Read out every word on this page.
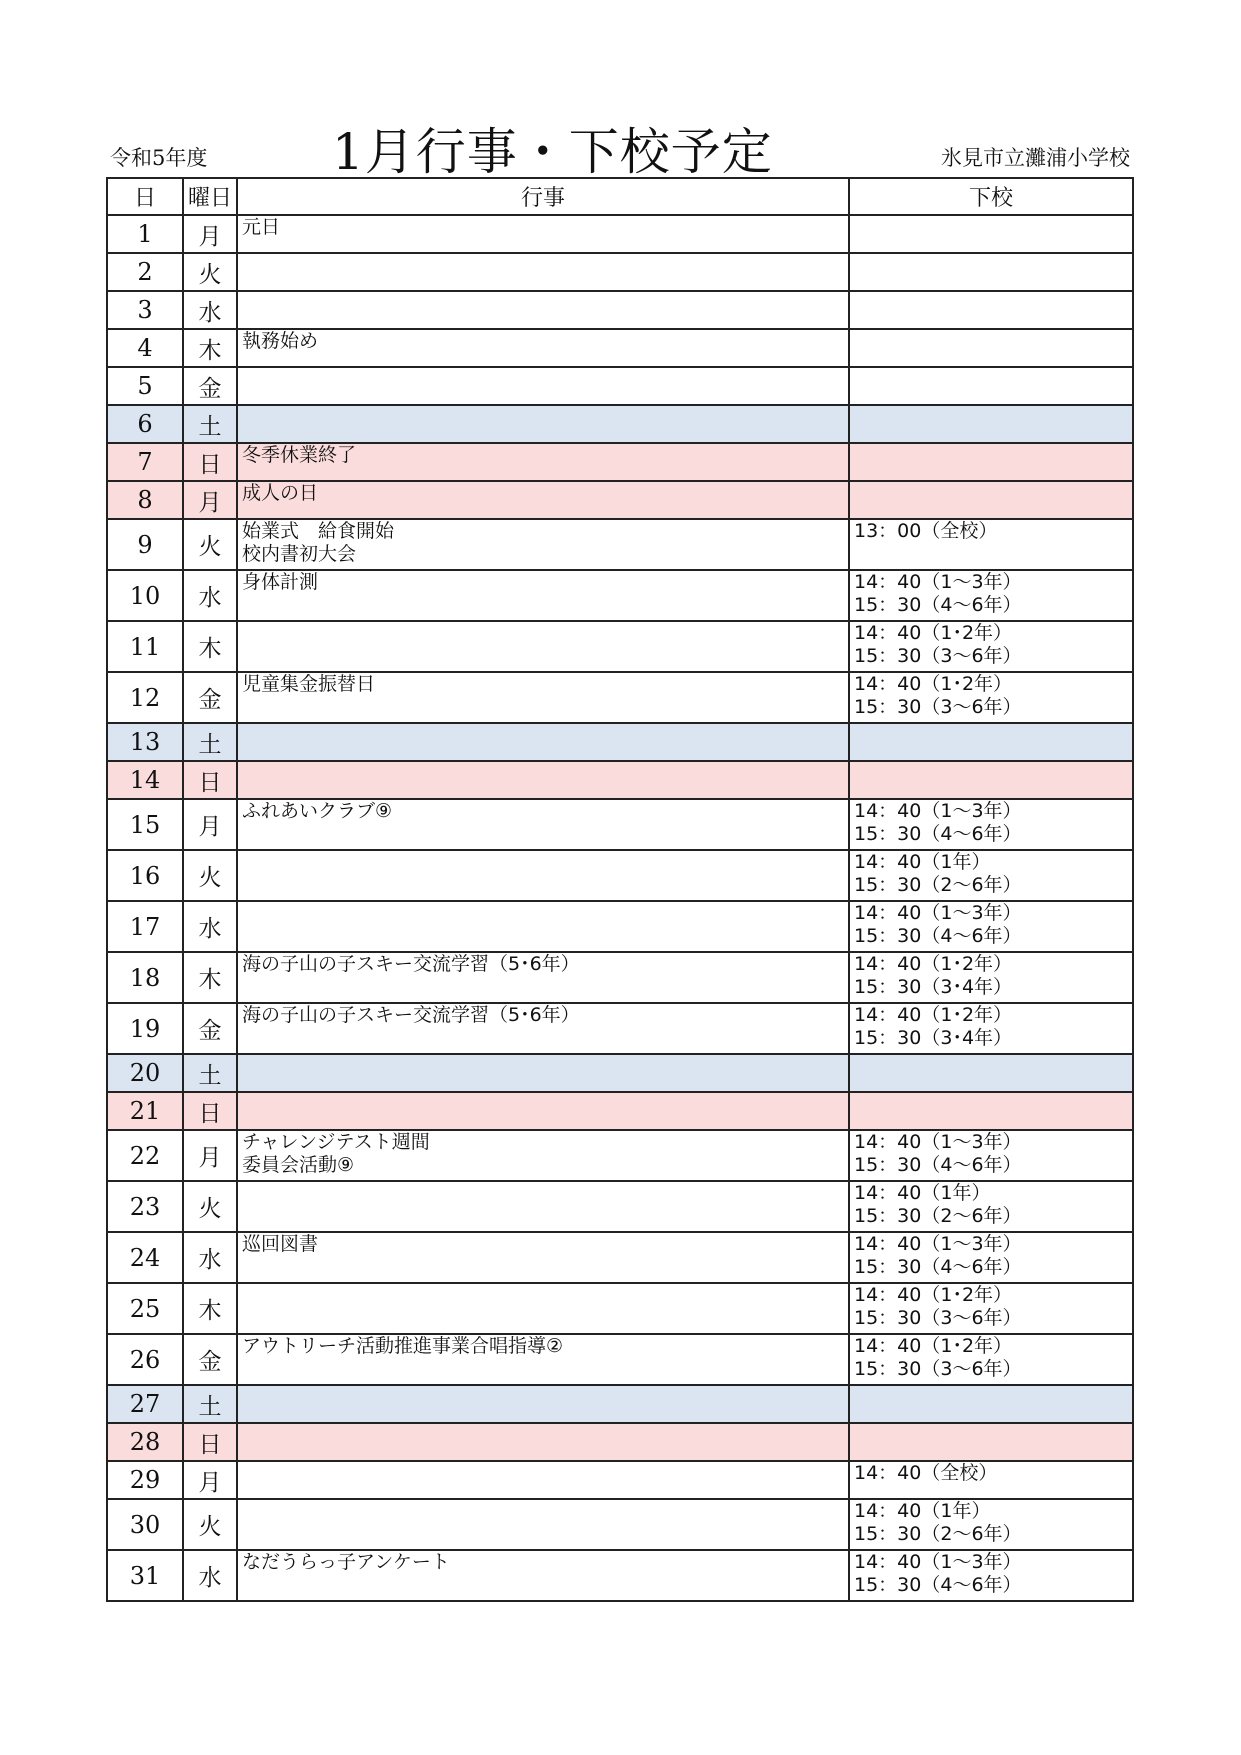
令和5年度 1月行事・下校予定	氷見市立灘浦小学校
日	曜日	行事	下校
1	月	元日	
2	火		
3	水		
4	木	執務始め	
5	金		
6	土		
7	日	冬季休業終了	
8	月	成人の日	
9	火	始業式　給食開始
校内書初大会	13：00（全校）
10	水	身体計測	14：40（1～3年）
15：30（4～6年）
11	木		14：40（1･2年）
15：30（3～6年）
12	金	児童集金振替日	14：40（1･2年）
15：30（3～6年）
13	土		
14	日		
15	月	ふれあいクラブ⑨	14：40（1～3年）
15：30（4～6年）
16	火		14：40（1年）
15：30（2～6年）
17	水		14：40（1～3年）
15：30（4～6年）
18	木	海の子山の子スキー交流学習（5･6年）	14：40（1･2年）
15：30（3･4年）
19	金	海の子山の子スキー交流学習（5･6年）	14：40（1･2年）
15：30（3･4年）
20	土		
21	日		
22	月	チャレンジテスト週間
委員会活動⑨	14：40（1～3年）
15：30（4～6年）
23	火		14：40（1年）
15：30（2～6年）
24	水	巡回図書	14：40（1～3年）
15：30（4～6年）
25	木		14：40（1･2年）
15：30（3～6年）
26	金	アウトリーチ活動推進事業合唱指導②	14：40（1･2年）
15：30（3～6年）
27	土		
28	日		
29	月		14：40（全校）
30	火		14：40（1年）
15：30（2～6年）
31	水	なだうらっ子アンケート	14：40（1～3年）
15：30（4～6年）
